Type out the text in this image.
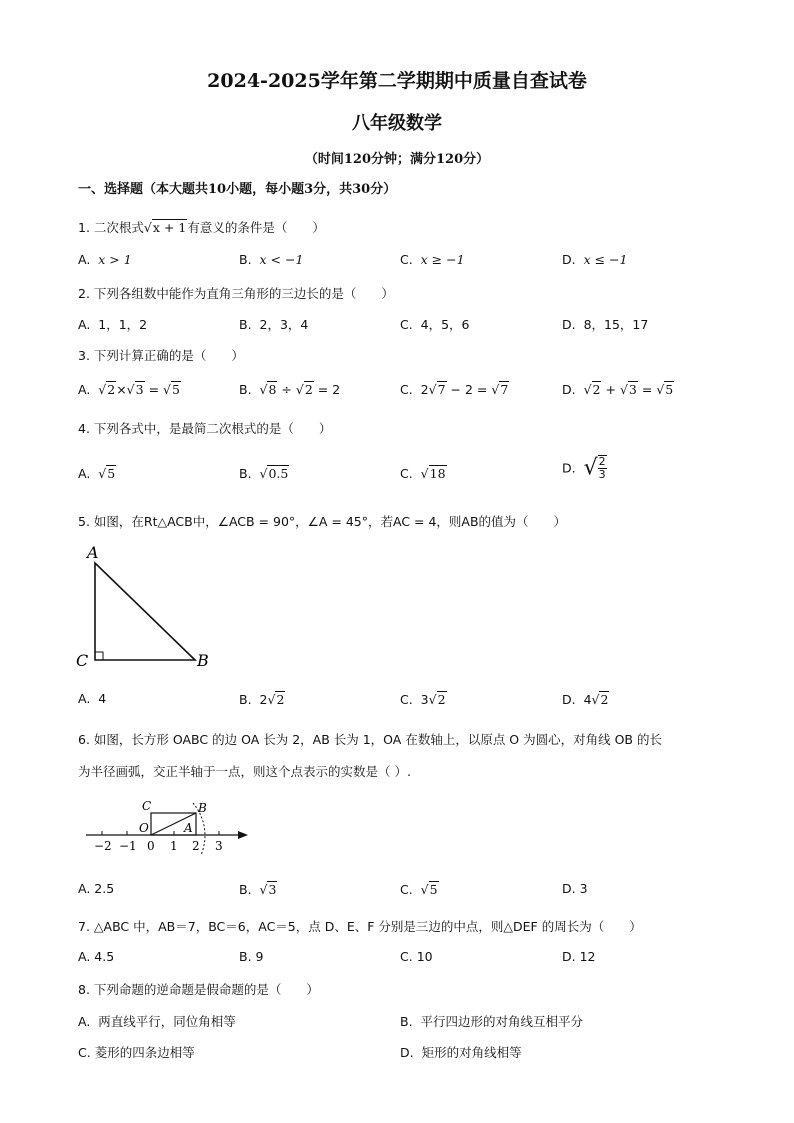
2024-2025学年第二学期期中质量自查试卷
八年级数学
（时间120分钟；满分120分）
一、选择题（本大题共10小题，每小题3分，共30分）
1. 二次根式√x + 1有意义的条件是（　　）
A. x > 1	B. x < −1	C. x ≥ −1	D. x ≤ −1
2. 下列各组数中能作为直角三角形的三边长的是（　　）
A. 1，1，2	B. 2，3，4	C. 4，5，6	D. 8，15，17
3. 下列计算正确的是（　　）
A. √2×√3 = √5	B. √8 ÷ √2 = 2	C. 2√7 − 2 = √7	D. √2 + √3 = √5
4. 下列各式中，是最简二次根式的是（　　）
A. √5	B. √0.5	C. √18	D. √ $\frac{2}{3}$
5. 如图，在Rt△ACB中，∠ACB = 90°，∠A = 45°，若AC = 4，则AB的值为（　　）
A
C	B
A. 4	B. 2√2	C. 3√2	D. 4√2
6. 如图，长方形 OABC 的边 OA 长为 2，AB 长为 1，OA 在数轴上，以原点 O 为圆心，对角线 OB 的长
为半径画弧，交正半轴于一点，则这个点表示的实数是（ ）.
C	B
O	A
−2 −1 0 1 2 3
A. 2.5	B. √3	C. √5	D. 3
7. △ABC 中，AB＝7，BC＝6，AC＝5，点 D、E、F 分别是三边的中点，则△DEF 的周长为（　　）
A. 4.5	B. 9	C. 10	D. 12
8. 下列命题的逆命题是假命题的是（　　）
A. 两直线平行，同位角相等	B. 平行四边形的对角线互相平分
C. 菱形的四条边相等	D. 矩形的对角线相等
